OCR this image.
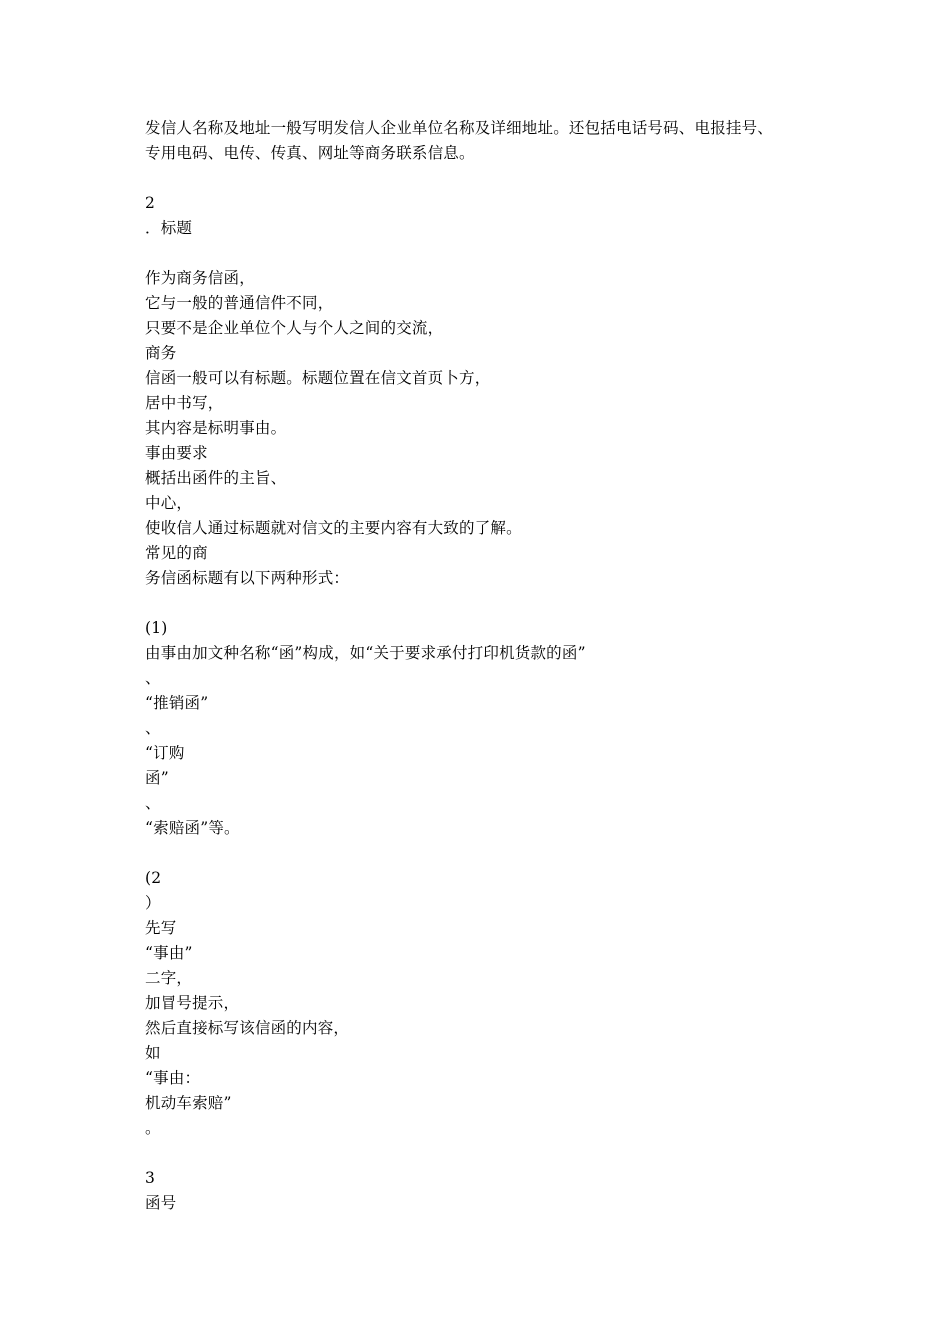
发信人名称及地址一般写明发信人企业单位名称及详细地址。还包括电话号码、电报挂号、
专用电码、电传、传真、网址等商务联系信息。
2
．标题
作为商务信函，
它与一般的普通信件不同，
只要不是企业单位个人与个人之间的交流，
商务
信函一般可以有标题。标题位置在信文首页卜方，
居中书写，
其内容是标明事由。
事由要求
概括出函件的主旨、
中心，
使收信人通过标题就对信文的主要内容有大致的了解。
常见的商
务信函标题有以下两种形式：
(1)
由事由加文种名称“函”构成，如“关于要求承付打印机货款的函”
、
“推销函”
、
“订购
函”
、
“索赔函”等。
(2
）
先写
“事由”
二字，
加冒号提示，
然后直接标写该信函的内容，
如
“事由：
机动车索赔”
。
3
函号
